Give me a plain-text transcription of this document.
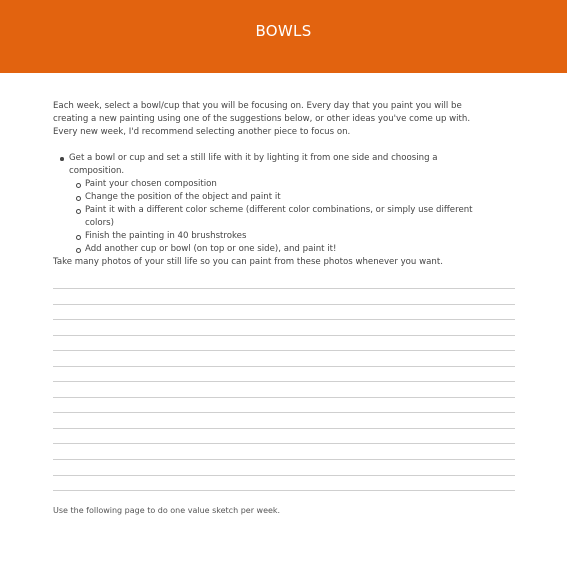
BOWLS

Each week, select a bowl/cup that you will be focusing on. Every day that you paint you will be creating a new painting using one of the suggestions below, or other ideas you've come up with. Every new week, I'd recommend selecting another piece to focus on.

Get a bowl or cup and set a still life with it by lighting it from one side and choosing a composition.
Paint your chosen composition
Change the position of the object and paint it
Paint it with a different color scheme (different color combinations, or simply use different colors)
Finish the painting in 40 brushstrokes
Add another cup or bowl (on top or one side), and paint it!

Take many photos of your still life so you can paint from these photos whenever you want.

Use the following page to do one value sketch per week.
